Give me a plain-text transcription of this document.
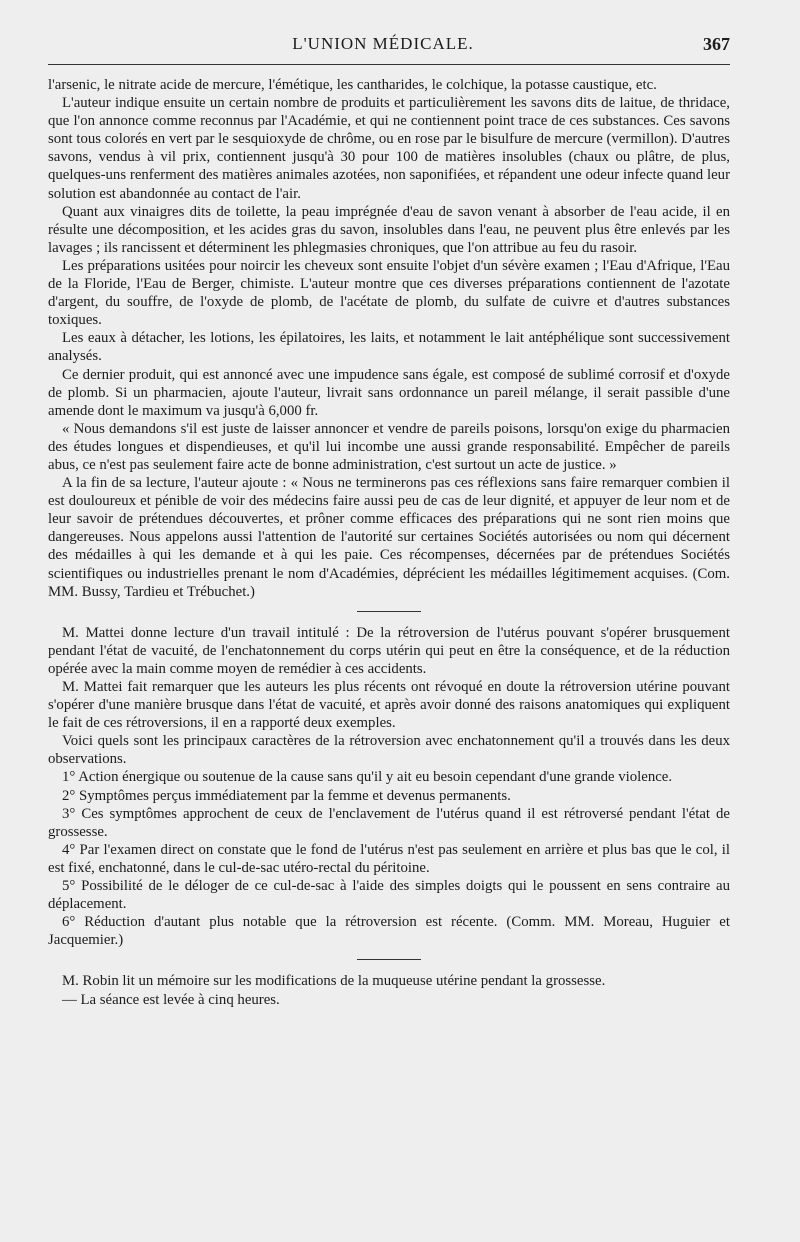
L'UNION MÉDICALE.	367

l'arsenic, le nitrate acide de mercure, l'émétique, les cantharides, le colchique, la potasse caustique, etc.

L'auteur indique ensuite un certain nombre de produits et particulièrement les savons dits de laitue, de thridace, que l'on annonce comme reconnus par l'Académie, et qui ne contiennent point trace de ces substances. Ces savons sont tous colorés en vert par le sesquioxyde de chrôme, ou en rose par le bisulfure de mercure (vermillon). D'autres savons, vendus à vil prix, contiennent jusqu'à 30 pour 100 de matières insolubles (chaux ou plâtre, de plus, quelques-uns renferment des matières animales azotées, non saponifiées, et répandent une odeur infecte quand leur solution est abandonnée au contact de l'air.

Quant aux vinaigres dits de toilette, la peau imprégnée d'eau de savon venant à absorber de l'eau acide, il en résulte une décomposition, et les acides gras du savon, insolubles dans l'eau, ne peuvent plus être enlevés par les lavages ; ils rancissent et déterminent les phlegmasies chroniques, que l'on attribue au feu du rasoir.

Les préparations usitées pour noircir les cheveux sont ensuite l'objet d'un sévère examen ; l'Eau d'Afrique, l'Eau de la Floride, l'Eau de Berger, chimiste. L'auteur montre que ces diverses préparations contiennent de l'azotate d'argent, du souffre, de l'oxyde de plomb, de l'acétate de plomb, du sulfate de cuivre et d'autres substances toxiques.

Les eaux à détacher, les lotions, les épilatoires, les laits, et notamment le lait antéphélique sont successivement analysés.

Ce dernier produit, qui est annoncé avec une impudence sans égale, est composé de sublimé corrosif et d'oxyde de plomb. Si un pharmacien, ajoute l'auteur, livrait sans ordonnance un pareil mélange, il serait passible d'une amende dont le maximum va jusqu'à 6,000 fr.

« Nous demandons s'il est juste de laisser annoncer et vendre de pareils poisons, lorsqu'on exige du pharmacien des études longues et dispendieuses, et qu'il lui incombe une aussi grande responsabilité. Empêcher de pareils abus, ce n'est pas seulement faire acte de bonne administration, c'est surtout un acte de justice. »

A la fin de sa lecture, l'auteur ajoute : « Nous ne terminerons pas ces réflexions sans faire remarquer combien il est douloureux et pénible de voir des médecins faire aussi peu de cas de leur dignité, et appuyer de leur nom et de leur savoir de prétendues découvertes, et prôner comme efficaces des préparations qui ne sont rien moins que dangereuses. Nous appelons aussi l'attention de l'autorité sur certaines Sociétés autorisées ou nom qui décernent des médailles à qui les demande et à qui les paie. Ces récompenses, décernées par de prétendues Sociétés scientifiques ou industrielles prenant le nom d'Académies, déprécient les médailles légitimement acquises. (Com. MM. Bussy, Tardieu et Trébuchet.)

M. Mattei donne lecture d'un travail intitulé : De la rétroversion de l'utérus pouvant s'opérer brusquement pendant l'état de vacuité, de l'enchatonnement du corps utérin qui peut en être la conséquence, et de la réduction opérée avec la main comme moyen de remédier à ces accidents.

M. Mattei fait remarquer que les auteurs les plus récents ont révoqué en doute la rétroversion utérine pouvant s'opérer d'une manière brusque dans l'état de vacuité, et après avoir donné des raisons anatomiques qui expliquent le fait de ces rétroversions, il en a rapporté deux exemples.

Voici quels sont les principaux caractères de la rétroversion avec enchatonnement qu'il a trouvés dans les deux observations.

1° Action énergique ou soutenue de la cause sans qu'il y ait eu besoin cependant d'une grande violence.

2° Symptômes perçus immédiatement par la femme et devenus permanents.

3° Ces symptômes approchent de ceux de l'enclavement de l'utérus quand il est rétroversé pendant l'état de grossesse.

4° Par l'examen direct on constate que le fond de l'utérus n'est pas seulement en arrière et plus bas que le col, il est fixé, enchatonné, dans le cul-de-sac utéro-rectal du péritoine.

5° Possibilité de le déloger de ce cul-de-sac à l'aide des simples doigts qui le poussent en sens contraire au déplacement.

6° Réduction d'autant plus notable que la rétroversion est récente. (Comm. MM. Moreau, Huguier et Jacquemier.)

M. Robin lit un mémoire sur les modifications de la muqueuse utérine pendant la grossesse.

— La séance est levée à cinq heures.
